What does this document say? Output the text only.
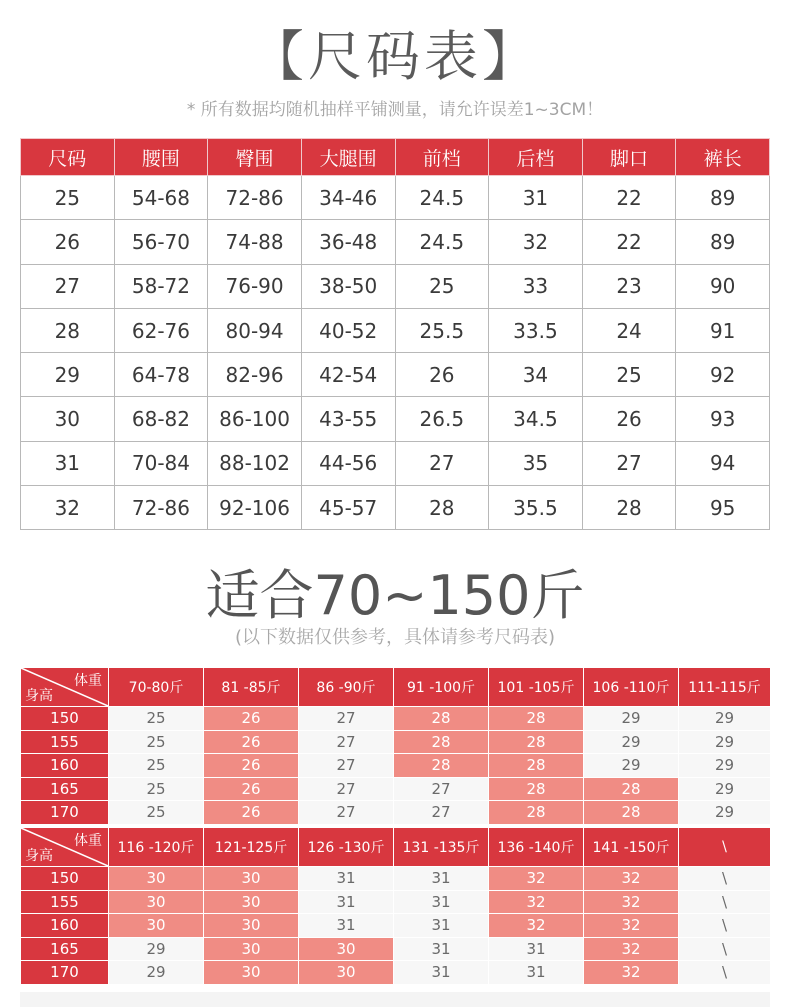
【尺码表】
* 所有数据均随机抽样平铺测量，请允许误差1~3CM！
尺码	腰围	臀围	大腿围	前档	后档	脚口	裤长
25	54-68	72-86	34-46	24.5	31	22	89
26	56-70	74-88	36-48	24.5	32	22	89
27	58-72	76-90	38-50	25	33	23	90
28	62-76	80-94	40-52	25.5	33.5	24	91
29	64-78	82-96	42-54	26	34	25	92
30	68-82	86-100	43-55	26.5	34.5	26	93
31	70-84	88-102	44-56	27	35	27	94
32	72-86	92-106	45-57	28	35.5	28	95
适合70~150斤
(以下数据仅供参考，具体请参考尺码表)
体重
身高	70-80斤	81 -85斤	86 -90斤	91 -100斤	101 -105斤	106 -110斤	111-115斤
150	25	26	27	28	28	29	29
155	25	26	27	28	28	29	29
160	25	26	27	28	28	29	29
165	25	26	27	27	28	28	29
170	25	26	27	27	28	28	29
体重
身高	116 -120斤	121-125斤	126 -130斤	131 -135斤	136 -140斤	141 -150斤	\
150	30	30	31	31	32	32	\
155	30	30	31	31	32	32	\
160	30	30	31	31	32	32	\
165	29	30	30	31	31	32	\
170	29	30	30	31	31	32	\
